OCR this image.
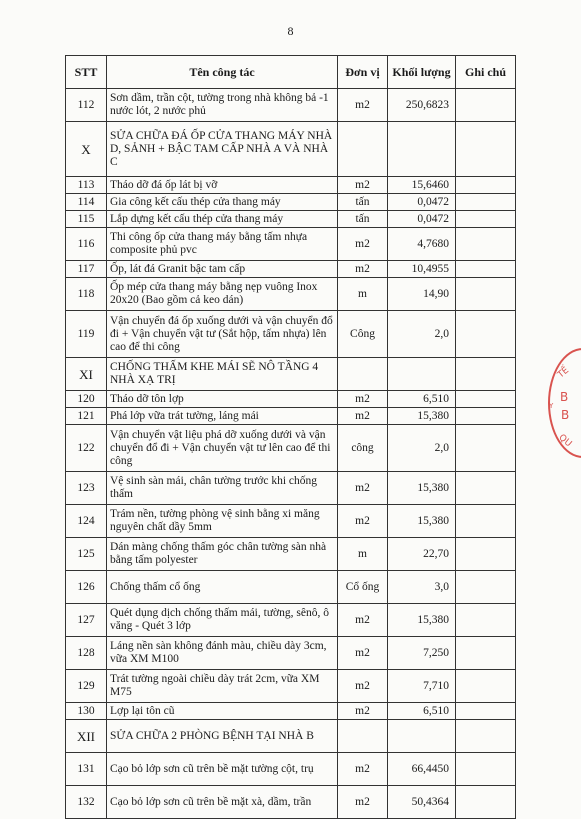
8
STT	Tên công tác	Đơn vị	Khối lượng	Ghi chú
112	Sơn dầm, trần cột, tường trong nhà không bả -1 nước lót, 2 nước phủ	m2	250,6823	
X	SỬA CHỮA ĐÁ ỐP CỬA THANG MÁY NHÀ D, SẢNH + BẬC TAM CẤP NHÀ A VÀ NHÀ C			
113	Tháo dỡ đá ốp lát bị vỡ	m2	15,6460	
114	Gia công kết cấu thép cửa thang máy	tấn	0,0472	
115	Lắp dựng kết cấu thép cửa thang máy	tấn	0,0472	
116	Thi công ốp cửa thang máy bằng tấm nhựa composite phủ pvc	m2	4,7680	
117	Ốp, lát đá Granit bậc tam cấp	m2	10,4955	
118	Ốp mép cửa thang máy bằng nẹp vuông Inox 20x20 (Bao gồm cả keo dán)	m	14,90	
119	Vận chuyển đá ốp xuống dưới và vận chuyển đổ đi + Vận chuyển vật tư (Sắt hộp, tấm nhựa) lên cao để thi công	Công	2,0	
XI	CHỐNG THẤM KHE MÁI SẼ NÔ TẦNG 4 NHÀ XẠ TRỊ			
120	Tháo dỡ tôn lợp	m2	6,510	
121	Phá lớp vữa trát tường, láng mái	m2	15,380	
122	Vận chuyển vật liệu phá dỡ xuống dưới và vận chuyển đổ đi + Vận chuyển vật tư lên cao để thi công	công	2,0	
123	Vệ sinh sàn mái, chân tường trước khi chống thấm	m2	15,380	
124	Trám nền, tường phòng vệ sinh bằng xi măng nguyên chất dầy 5mm	m2	15,380	
125	Dán màng chống thấm góc chân tường sàn nhà bằng tấm polyester	m	22,70	
126	Chống thấm cổ ống	Cổ ống	3,0	
127	Quét dụng dịch chống thấm mái, tường, sênô, ô văng - Quét 3 lớp	m2	15,380	
128	Láng nền sàn không đánh màu, chiều dày 3cm, vữa XM M100	m2	7,250	
129	Trát tường ngoài chiều dày trát 2cm, vữa XM M75	m2	7,710	
130	Lợp lại tôn cũ	m2	6,510	
XII	SỬA CHỮA 2 PHÒNG BỆNH TẠI NHÀ B			
131	Cạo bỏ lớp sơn cũ trên bề mặt tường cột, trụ	m2	66,4450	
132	Cạo bỏ lớp sơn cũ trên bề mặt xà, dầm, trần	m2	50,4364	
TẾ
B
B
Y
QU
